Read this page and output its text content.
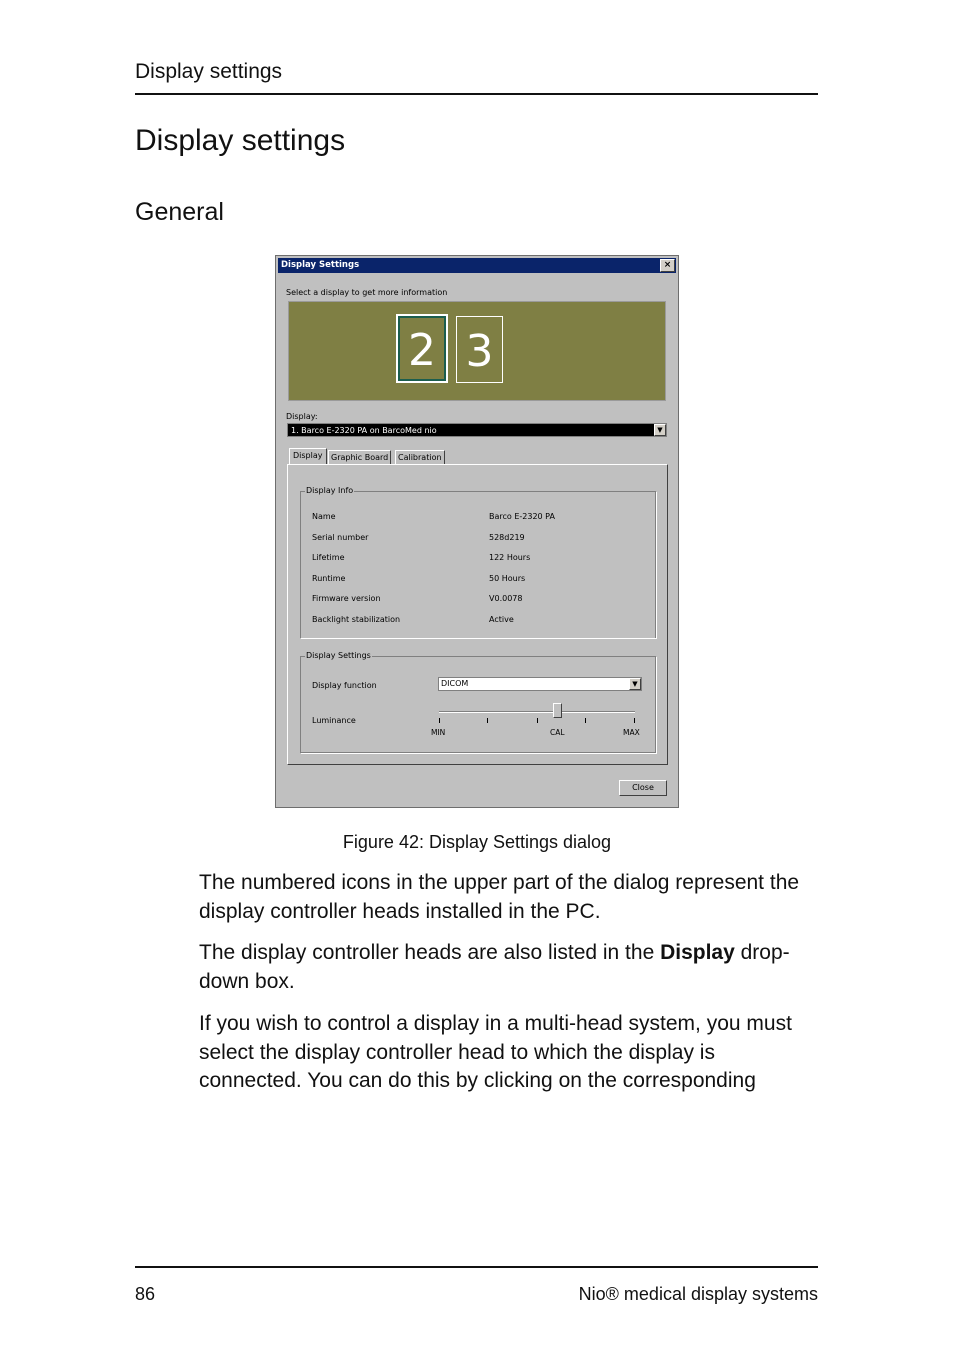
Display settings
Display settings
General
Display Settings	×
Select a display to get more information
2 3
Display:
1. Barco E-2320 PA on BarcoMed nio	▼
Display	Graphic Board	Calibration
Display Info
Name	Barco E-2320 PA
Serial number	528d219
Lifetime	122 Hours
Runtime	50 Hours
Firmware version	V0.0078
Backlight stabilization	Active
Display Settings
Display function	DICOM	▼
Luminance
MIN	CAL	MAX
Close
Figure 42: Display Settings dialog

The numbered icons in the upper part of the dialog represent the display controller heads installed in the PC.

The display controller heads are also listed in the Display drop-down box.

If you wish to control a display in a multi-head system, you must select the display controller head to which the display is connected. You can do this by clicking on the corresponding

86	Nio® medical display systems
